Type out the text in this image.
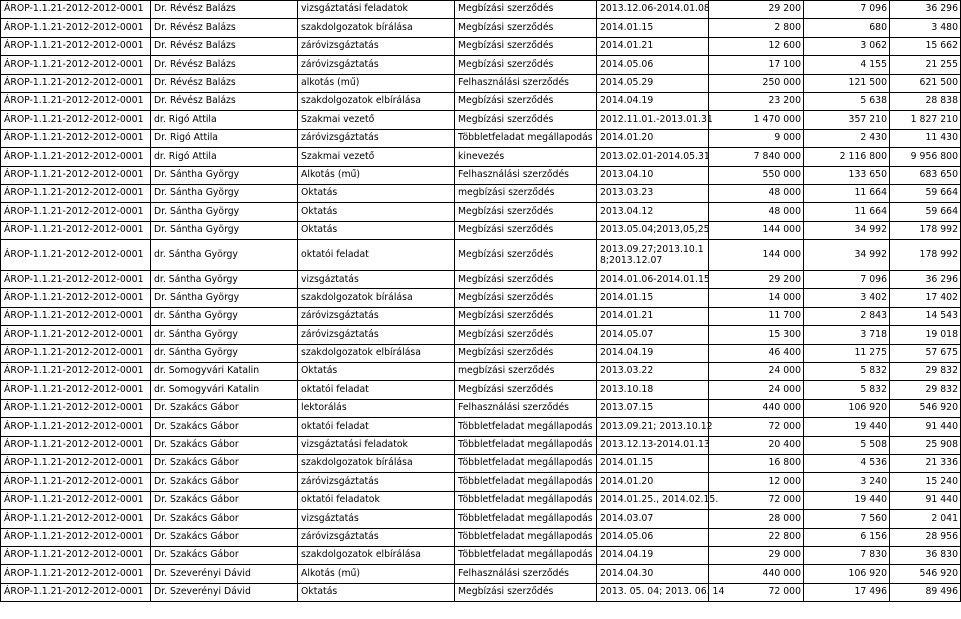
ÁROP-1.1.21-2012-2012-0001	Dr. Révész Balázs	vizsgáztatási feladatok	Megbízási szerződés	2013.12.06-2014.01.08	29 200	7 096	36 296
ÁROP-1.1.21-2012-2012-0001	Dr. Révész Balázs	szakdolgozatok bírálása	Megbízási szerződés	2014.01.15	2 800	680	3 480
ÁROP-1.1.21-2012-2012-0001	Dr. Révész Balázs	záróvizsgáztatás	Megbízási szerződés	2014.01.21	12 600	3 062	15 662
ÁROP-1.1.21-2012-2012-0001	Dr. Révész Balázs	záróvizsgáztatás	Megbízási szerződés	2014.05.06	17 100	4 155	21 255
ÁROP-1.1.21-2012-2012-0001	Dr. Révész Balázs	alkotás (mű)	Felhasználási szerződés	2014.05.29	250 000	121 500	621 500
ÁROP-1.1.21-2012-2012-0001	Dr. Révész Balázs	szakdolgozatok elbírálása	Megbízási szerződés	2014.04.19	23 200	5 638	28 838
ÁROP-1.1.21-2012-2012-0001	dr. Rigó Attila	Szakmai vezető	Megbízási szerződés	2012.11.01.-2013.01.31	1 470 000	357 210	1 827 210
ÁROP-1.1.21-2012-2012-0001	Dr. Rigó Attila	záróvizsgáztatás	Többletfeladat megállapodás	2014.01.20	9 000	2 430	11 430
ÁROP-1.1.21-2012-2012-0001	dr. Rigó Attila	Szakmai vezető	kinevezés	2013.02.01-2014.05.31	7 840 000	2 116 800	9 956 800
ÁROP-1.1.21-2012-2012-0001	Dr. Sántha György	Alkotás (mű)	Felhasználási szerződés	2013.04.10	550 000	133 650	683 650
ÁROP-1.1.21-2012-2012-0001	Dr. Sántha György	Oktatás	megbízási szerződés	2013.03.23	48 000	11 664	59 664
ÁROP-1.1.21-2012-2012-0001	Dr. Sántha György	Oktatás	Megbízási szerződés	2013.04.12	48 000	11 664	59 664
ÁROP-1.1.21-2012-2012-0001	Dr. Sántha György	Oktatás	Megbízási szerződés	2013.05.04;2013,05,25	144 000	34 992	178 992
ÁROP-1.1.21-2012-2012-0001	dr. Sántha György	oktatói feladat	Megbízási szerződés	2013.09.27;2013.10.18;2013.12.07	144 000	34 992	178 992
ÁROP-1.1.21-2012-2012-0001	dr. Sántha György	vizsgáztatás	Megbízási szerződés	2014.01.06-2014.01.15	29 200	7 096	36 296
ÁROP-1.1.21-2012-2012-0001	Dr. Sántha György	szakdolgozatok bírálása	Megbízási szerződés	2014.01.15	14 000	3 402	17 402
ÁROP-1.1.21-2012-2012-0001	dr. Sántha György	záróvizsgáztatás	Megbízási szerződés	2014.01.21	11 700	2 843	14 543
ÁROP-1.1.21-2012-2012-0001	dr. Sántha György	záróvizsgáztatás	Megbízási szerződés	2014.05.07	15 300	3 718	19 018
ÁROP-1.1.21-2012-2012-0001	dr. Sántha György	szakdolgozatok elbírálása	Megbízási szerződés	2014.04.19	46 400	11 275	57 675
ÁROP-1.1.21-2012-2012-0001	dr. Somogyvári Katalin	Oktatás	megbízási szerződés	2013.03.22	24 000	5 832	29 832
ÁROP-1.1.21-2012-2012-0001	dr. Somogyvári Katalin	oktatói feladat	Megbízási szerződés	2013.10.18	24 000	5 832	29 832
ÁROP-1.1.21-2012-2012-0001	Dr. Szakács Gábor	lektorálás	Felhasználási szerződés	2013.07.15	440 000	106 920	546 920
ÁROP-1.1.21-2012-2012-0001	Dr. Szakács Gábor	oktatói feladat	Többletfeladat megállapodás	2013.09.21; 2013.10.12	72 000	19 440	91 440
ÁROP-1.1.21-2012-2012-0001	Dr. Szakács Gábor	vizsgáztatási feladatok	Többletfeladat megállapodás	2013.12.13-2014.01.13	20 400	5 508	25 908
ÁROP-1.1.21-2012-2012-0001	Dr. Szakács Gábor	szakdolgozatok bírálása	Többletfeladat megállapodás	2014.01.15	16 800	4 536	21 336
ÁROP-1.1.21-2012-2012-0001	Dr. Szakács Gábor	záróvizsgáztatás	Többletfeladat megállapodás	2014.01.20	12 000	3 240	15 240
ÁROP-1.1.21-2012-2012-0001	Dr. Szakács Gábor	oktatói feladatok	Többletfeladat megállapodás	2014.01.25., 2014.02.15.	72 000	19 440	91 440
ÁROP-1.1.21-2012-2012-0001	Dr. Szakács Gábor	vizsgáztatás	Többletfeladat megállapodás	2014.03.07	28 000	7 560	2 041
ÁROP-1.1.21-2012-2012-0001	Dr. Szakács Gábor	záróvizsgáztatás	Többletfeladat megállapodás	2014.05.06	22 800	6 156	28 956
ÁROP-1.1.21-2012-2012-0001	Dr. Szakács Gábor	szakdolgozatok elbírálása	Többletfeladat megállapodás	2014.04.19	29 000	7 830	36 830
ÁROP-1.1.21-2012-2012-0001	Dr. Szeverényi Dávid	Alkotás (mű)	Felhasználási szerződés	2014.04.30	440 000	106 920	546 920
ÁROP-1.1.21-2012-2012-0001	Dr. Szeverényi Dávid	Oktatás	Megbízási szerződés	2013. 05. 04; 2013. 06. 14	72 000	17 496	89 496
